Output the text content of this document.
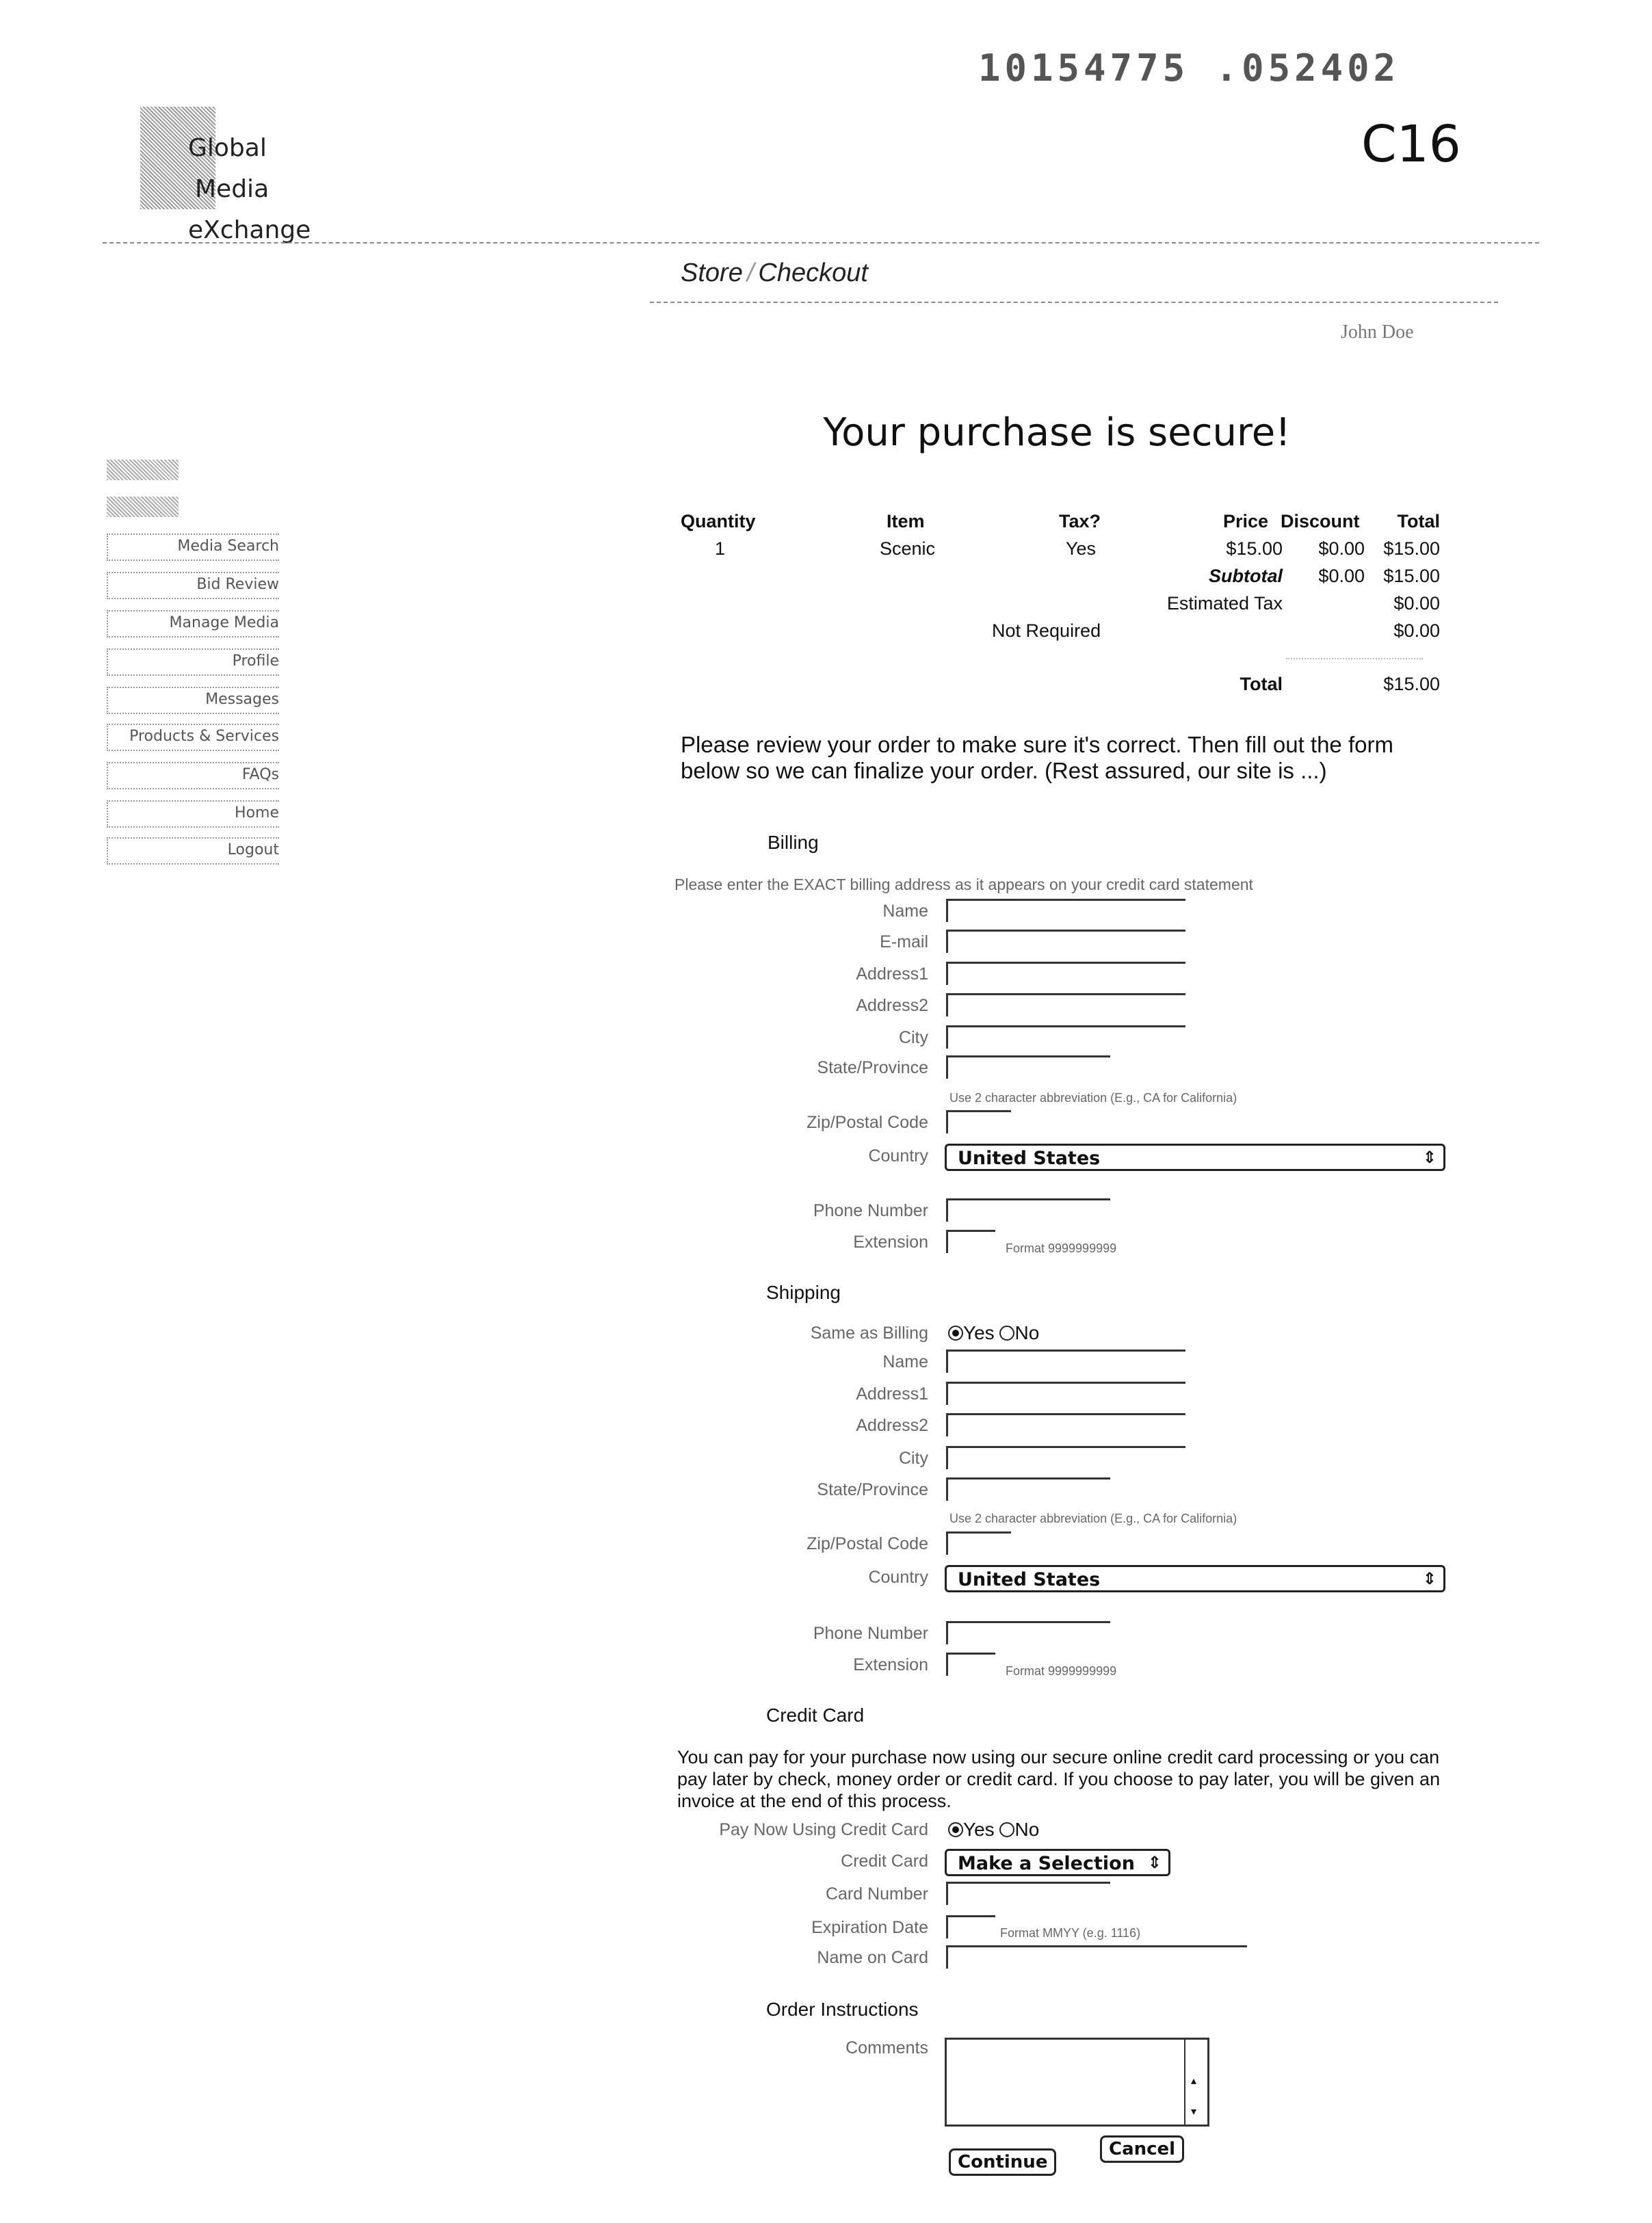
10154775 .052402
C16
Global
Media
eXchange
Store / Checkout
John Doe
Media Search
Bid Review
Manage Media
Profile
Messages
Products & Services
FAQs
Home
Logout
Your purchase is secure!
Quantity	Item	Tax?	Price Discount Total
1	Scenic	Yes	$15.00 $0.00 $15.00
Subtotal $0.00 $15.00
Estimated Tax	$0.00
Not Required	$0.00
Total	$15.00
Please review your order to make sure it's correct. Then fill out the form below so we can finalize your order. (Rest assured, our site is ...)
Billing
Please enter the EXACT billing address as it appears on your credit card statement
Name
E-mail
Address1
Address2
City
State/Province
Use 2 character abbreviation (E.g., CA for California)
Zip/Postal Code
Country	United States	⇕
Phone Number
Extension	Format 9999999999
Shipping
Same as Billing	Yes No
Name
Address1
Address2
City
State/Province
Use 2 character abbreviation (E.g., CA for California)
Zip/Postal Code
Country	United States	⇕
Phone Number
Extension	Format 9999999999
Credit Card
You can pay for your purchase now using our secure online credit card processing or you can pay later by check, money order or credit card. If you choose to pay later, you will be given an invoice at the end of this process.
Pay Now Using Credit Card	Yes No
Credit Card	Make a Selection ⇕
Card Number
Expiration Date	Format MMYY (e.g. 1116)
Name on Card
Order Instructions
Comments
▴
▾
Continue
Cancel
